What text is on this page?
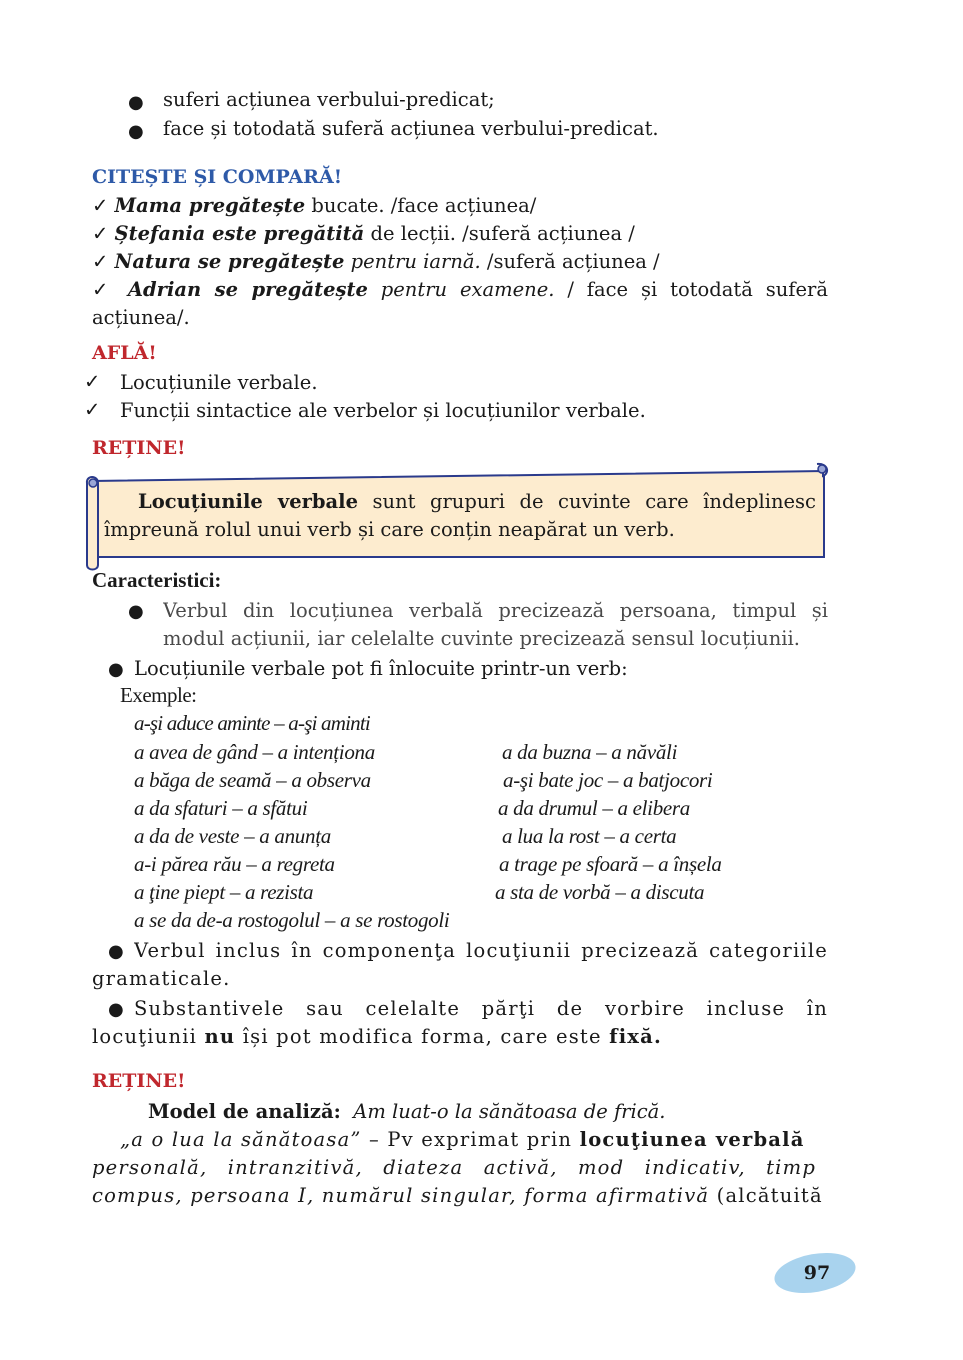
● suferi acțiunea verbului-predicat;
● face și totodată suferă acțiunea verbului-predicat.
CITEȘTE ȘI COMPARĂ!
✓ Mama pregătește bucate. /face acțiunea/
✓ Ștefania este pregătită de lecții. /suferă acțiunea /
✓ Natura se pregătește pentru iarnă. /suferă acțiunea /
✓ Adrian se pregătește pentru examene. / face și totodată suferă
acțiunea/.
AFLĂ!
✓ Locuțiunile verbale.
✓ Funcții sintactice ale verbelor și locuțiunilor verbale.
REȚINE!
Locuțiunile verbale sunt grupuri de cuvinte care îndeplinesc
împreună rolul unui verb și care conțin neapărat un verb.
Caracteristici:
● Verbul din locuțiunea verbală precizează persoana, timpul și
modul acțiunii, iar celelalte cuvinte precizează sensul locuțiunii.
● Locuțiunile verbale pot fi înlocuite printr-un verb:
Exemple:
a-şi aduce aminte – a-şi aminti
a avea de gând – a intenționa
a băga de seamă – a observa
a da sfaturi – a sfătui
a da de veste – a anunța
a-i părea rău – a regreta
a ţine piept – a rezista
a da buzna – a năvăli
a-şi bate joc – a batjocori
a da drumul – a elibera
a lua la rost – a certa
a trage pe sfoară – a înșela
a sta de vorbă – a discuta
a se da de-a rostogolul – a se rostogoli
● Verbul inclus în componenţa locuţiunii precizează categoriile
gramaticale.
● Substantivele sau celelalte părţi de vorbire incluse în
locuţiunii nu își pot modifica forma, care este fixă.
REȚINE!
Model de analiză: Am luat-o la sănătoasa de frică.
„a o lua la sănătoasa” – Pv exprimat prin locuţiunea verbală
personală, intranzitivă, diateza activă, mod indicativ, timp
compus, persoana I, numărul singular, forma afirmativă (alcătuită
97
